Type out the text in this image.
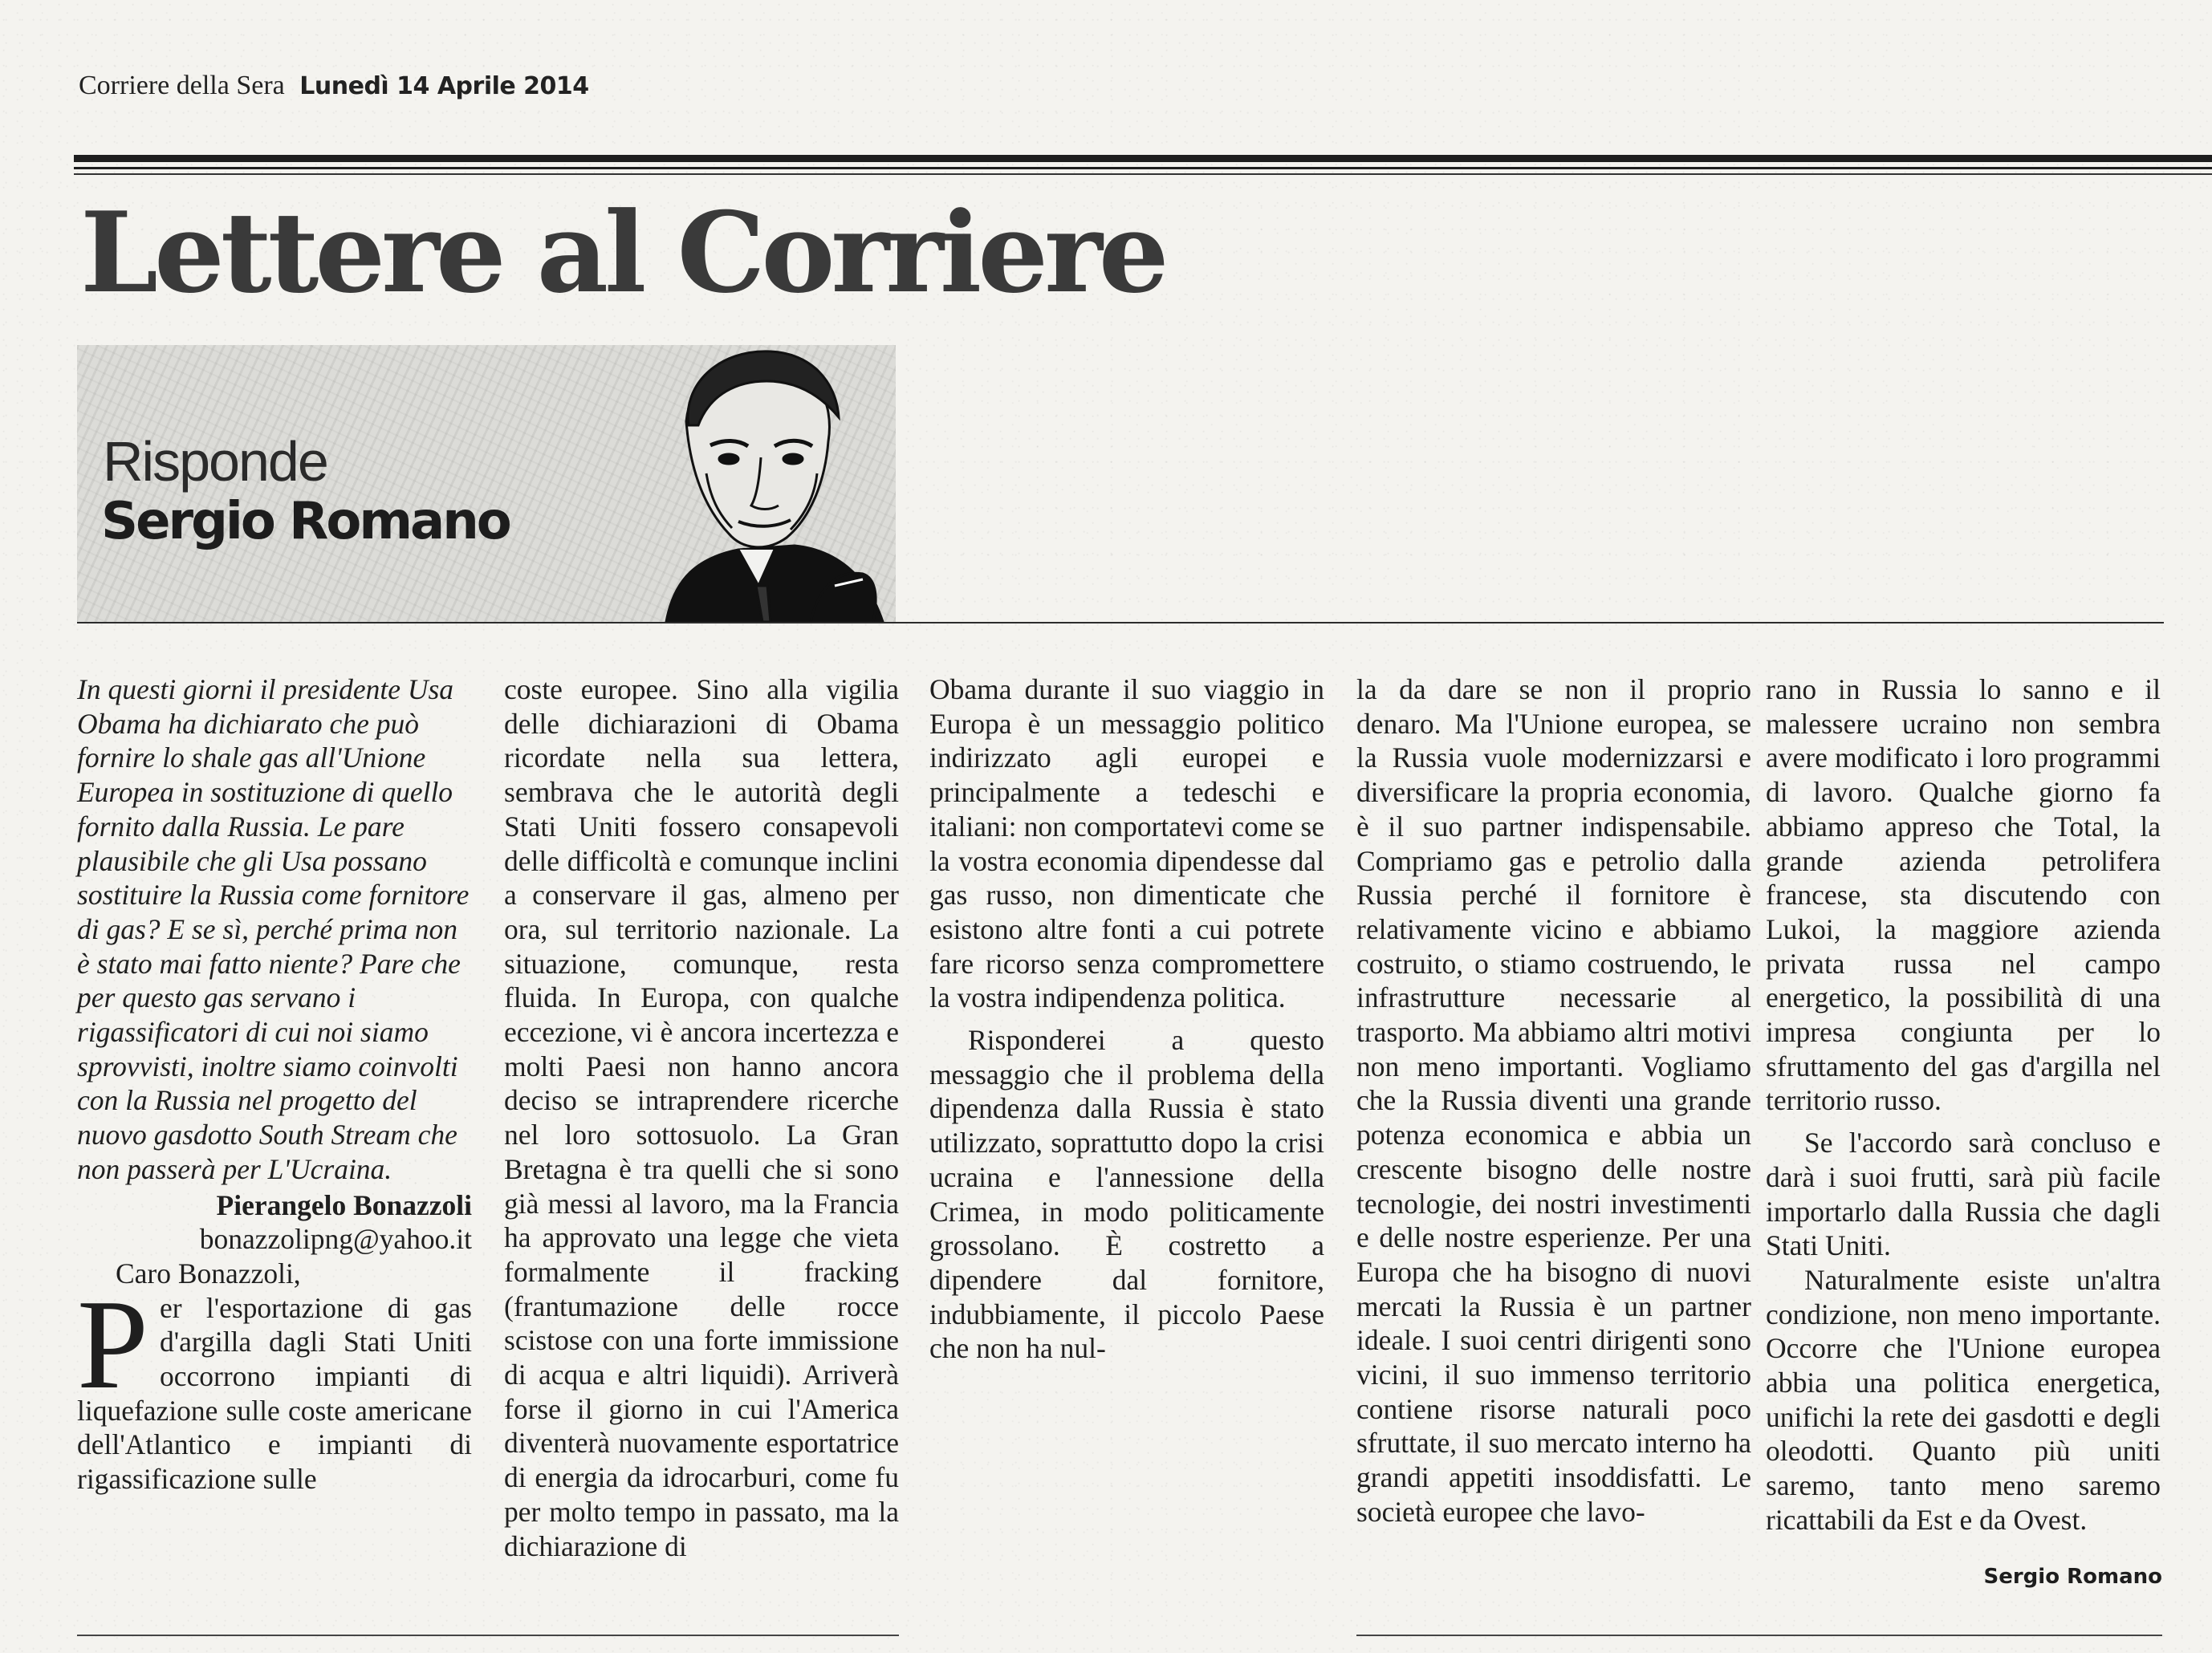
Corriere della Sera Lunedì 14 Aprile 2014
Lettere al Corriere
Risponde
Sergio Romano

In questi giorni il presidente Usa Obama ha dichiarato che può fornire lo shale gas all'Unione Europea in sostituzione di quello fornito dalla Russia. Le pare plausibile che gli Usa possano sostituire la Russia come fornitore di gas? E se sì, perché prima non è stato mai fatto niente? Pare che per questo gas servano i rigassificatori di cui noi siamo sprovvisti, inoltre siamo coinvolti con la Russia nel progetto del nuovo gasdotto South Stream che non passerà per L'Ucraina.

Pierangelo Bonazzoli
bonazzolipng@yahoo.it

Caro Bonazzoli,

Per l'esportazione di gas d'argilla dagli Stati Uniti occorrono impianti di liquefazione sulle coste americane dell'Atlantico e impianti di rigassificazione sulle

coste europee. Sino alla vigilia delle dichiarazioni di Obama ricordate nella sua lettera, sembrava che le autorità degli Stati Uniti fossero consapevoli delle difficoltà e comunque inclini a conservare il gas, almeno per ora, sul territorio nazionale. La situazione, comunque, resta fluida. In Europa, con qualche eccezione, vi è ancora incertezza e molti Paesi non hanno ancora deciso se intraprendere ricerche nel loro sottosuolo. La Gran Bretagna è tra quelli che si sono già messi al lavoro, ma la Francia ha approvato una legge che vieta formalmente il fracking (frantumazione delle rocce scistose con una forte immissione di acqua e altri liquidi). Arriverà forse il giorno in cui l'America diventerà nuovamente esportatrice di energia da idrocarburi, come fu per molto tempo in passato, ma la dichiarazione di

Obama durante il suo viaggio in Europa è un messaggio politico indirizzato agli europei e principalmente a tedeschi e italiani: non comportatevi come se la vostra economia dipendesse dal gas russo, non dimenticate che esistono altre fonti a cui potrete fare ricorso senza compromettere la vostra indipendenza politica.

Risponderei a questo messaggio che il problema della dipendenza dalla Russia è stato utilizzato, soprattutto dopo la crisi ucraina e l'annessione della Crimea, in modo politicamente grossolano. È costretto a dipendere dal fornitore, indubbiamente, il piccolo Paese che non ha nul-

la da dare se non il proprio denaro. Ma l'Unione europea, se la Russia vuole modernizzarsi e diversificare la propria economia, è il suo partner indispensabile. Compriamo gas e petrolio dalla Russia perché il fornitore è relativamente vicino e abbiamo costruito, o stiamo costruendo, le infrastrutture necessarie al trasporto. Ma abbiamo altri motivi non meno importanti. Vogliamo che la Russia diventi una grande potenza economica e abbia un crescente bisogno delle nostre tecnologie, dei nostri investimenti e delle nostre esperienze. Per una Europa che ha bisogno di nuovi mercati la Russia è un partner ideale. I suoi centri dirigenti sono vicini, il suo immenso territorio contiene risorse naturali poco sfruttate, il suo mercato interno ha grandi appetiti insoddisfatti. Le società europee che lavo-

rano in Russia lo sanno e il malessere ucraino non sembra avere modificato i loro programmi di lavoro. Qualche giorno fa abbiamo appreso che Total, la grande azienda petrolifera francese, sta discutendo con Lukoi, la maggiore azienda privata russa nel campo energetico, la possibilità di una impresa congiunta per lo sfruttamento del gas d'argilla nel territorio russo.

Se l'accordo sarà concluso e darà i suoi frutti, sarà più facile importarlo dalla Russia che dagli Stati Uniti.

Naturalmente esiste un'altra condizione, non meno importante. Occorre che l'Unione europea abbia una politica energetica, unifichi la rete dei gasdotti e degli oleodotti. Quanto più uniti saremo, tanto meno saremo ricattabili da Est e da Ovest.

Sergio Romano
